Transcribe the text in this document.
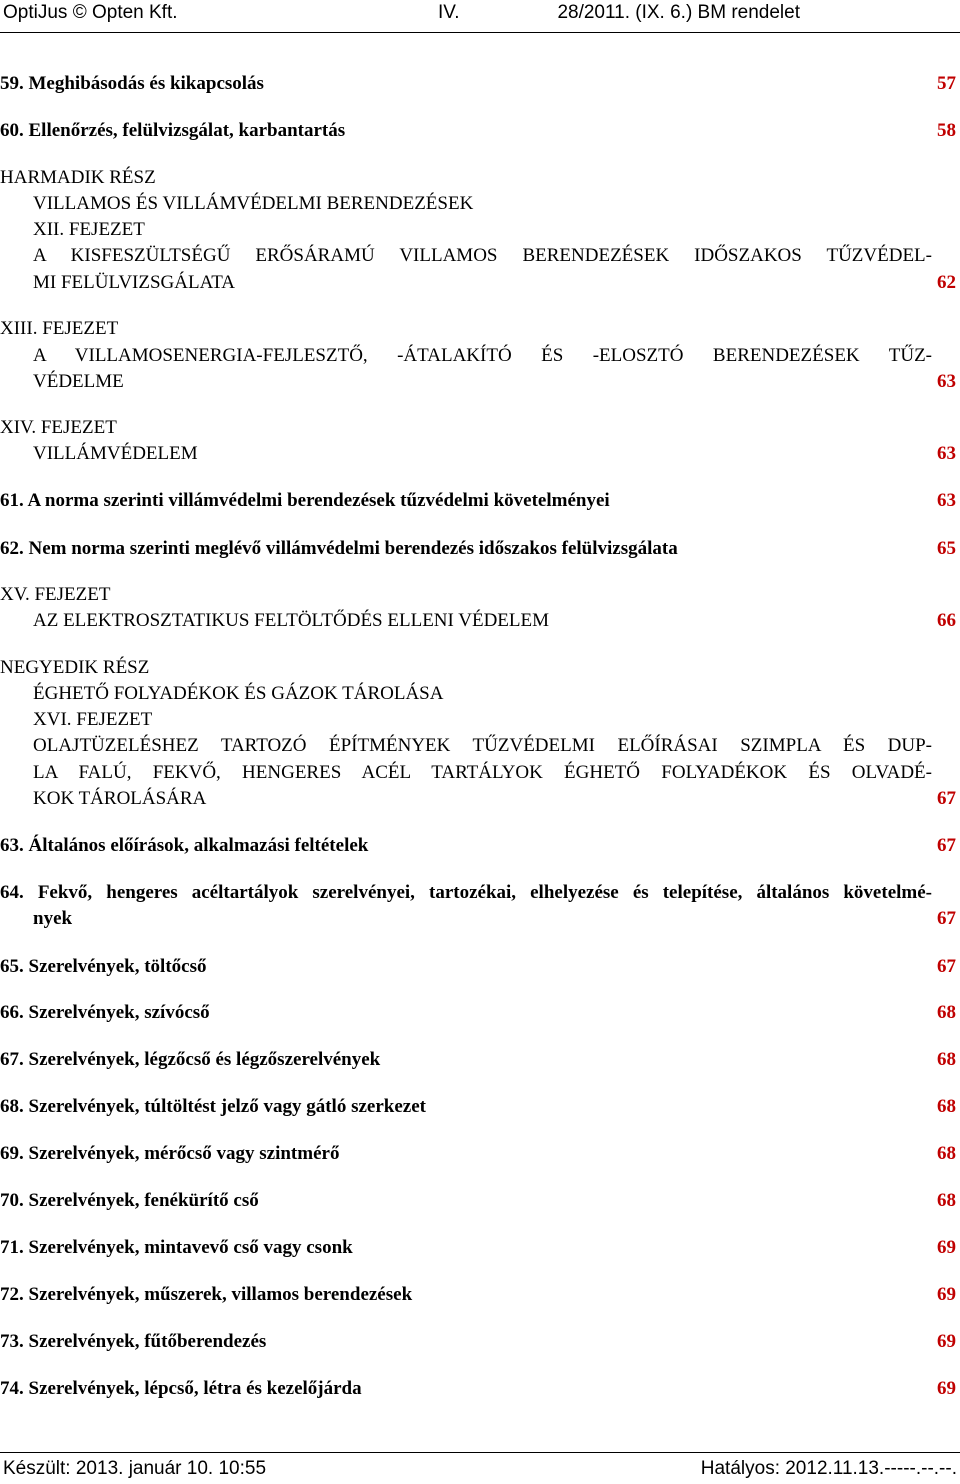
OptiJus © Opten Kft.	IV.	28/2011. (IX. 6.) BM rendelet
59. Meghibásodás és kikapcsolás	57
60. Ellenőrzés, felülvizsgálat, karbantartás	58
HARMADIK RÉSZ
VILLAMOS ÉS VILLÁMVÉDELMI BERENDEZÉSEK
XII. FEJEZET
A KISFESZÜLTSÉGŰ ERŐSÁRAMÚ VILLAMOS BERENDEZÉSEK IDŐSZAKOS TŰZVÉDEL-
MI FELÜLVIZSGÁLATA	62
XIII. FEJEZET
A VILLAMOSENERGIA-FEJLESZTŐ, -ÁTALAKÍTÓ ÉS -ELOSZTÓ BERENDEZÉSEK TŰZ-
VÉDELME	63
XIV. FEJEZET
VILLÁMVÉDELEM	63
61. A norma szerinti villámvédelmi berendezések tűzvédelmi követelményei	63
62. Nem norma szerinti meglévő villámvédelmi berendezés időszakos felülvizsgálata	65
XV. FEJEZET
AZ ELEKTROSZTATIKUS FELTÖLTŐDÉS ELLENI VÉDELEM	66
NEGYEDIK RÉSZ
ÉGHETŐ FOLYADÉKOK ÉS GÁZOK TÁROLÁSA
XVI. FEJEZET
OLAJTÜZELÉSHEZ TARTOZÓ ÉPÍTMÉNYEK TŰZVÉDELMI ELŐÍRÁSAI SZIMPLA ÉS DUP-
LA FALÚ, FEKVŐ, HENGERES ACÉL TARTÁLYOK ÉGHETŐ FOLYADÉKOK ÉS OLVADÉ-
KOK TÁROLÁSÁRA	67
63. Általános előírások, alkalmazási feltételek	67
64. Fekvő, hengeres acéltartályok szerelvényei, tartozékai, elhelyezése és telepítése, általános követelmé-
nyek	67
65. Szerelvények, töltőcső	67
66. Szerelvények, szívócső	68
67. Szerelvények, légzőcső és légzőszerelvények	68
68. Szerelvények, túltöltést jelző vagy gátló szerkezet	68
69. Szerelvények, mérőcső vagy szintmérő	68
70. Szerelvények, fenékürítő cső	68
71. Szerelvények, mintavevő cső vagy csonk	69
72. Szerelvények, műszerek, villamos berendezések	69
73. Szerelvények, fűtőberendezés	69
74. Szerelvények, lépcső, létra és kezelőjárda	69
Készült: 2013. január 10. 10:55	Hatályos: 2012.11.13.-----.--.--.
